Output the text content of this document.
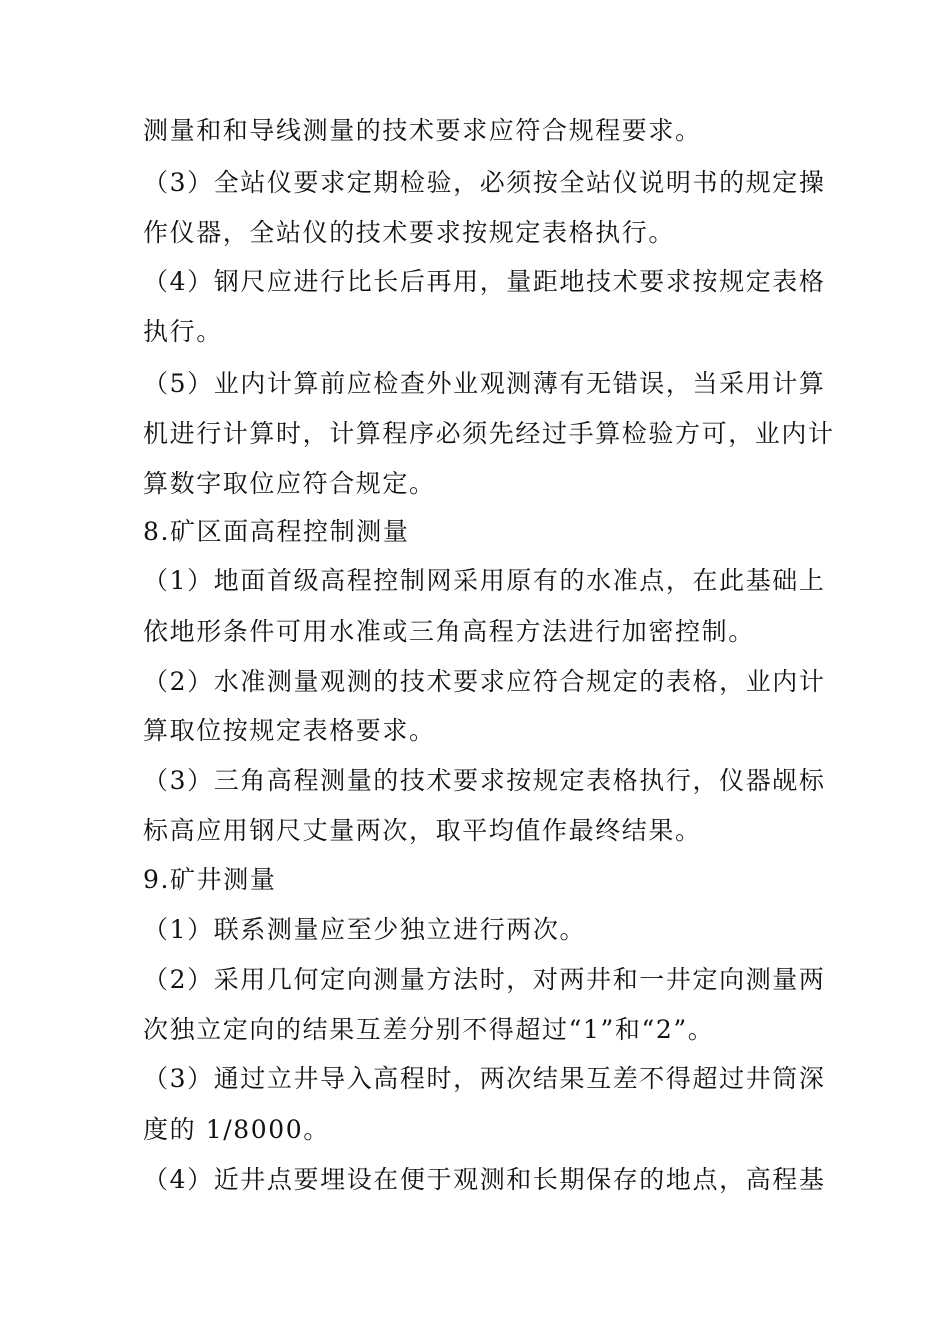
测量和和导线测量的技术要求应符合规程要求。
（3）全站仪要求定期检验，必须按全站仪说明书的规定操
作仪器，全站仪的技术要求按规定表格执行。
（4）钢尺应进行比长后再用，量距地技术要求按规定表格
执行。
（5）业内计算前应检查外业观测薄有无错误，当采用计算
机进行计算时，计算程序必须先经过手算检验方可，业内计
算数字取位应符合规定。
8.矿区面高程控制测量
（1）地面首级高程控制网采用原有的水准点，在此基础上
依地形条件可用水准或三角高程方法进行加密控制。
（2）水准测量观测的技术要求应符合规定的表格，业内计
算取位按规定表格要求。
（3）三角高程测量的技术要求按规定表格执行，仪器觇标
标高应用钢尺丈量两次，取平均值作最终结果。
9.矿井测量
（1）联系测量应至少独立进行两次。
（2）采用几何定向测量方法时，对两井和一井定向测量两
次独立定向的结果互差分别不得超过“1”和“2”。
（3）通过立井导入高程时，两次结果互差不得超过井筒深
度的 1/8000。
（4）近井点要埋设在便于观测和长期保存的地点，高程基
